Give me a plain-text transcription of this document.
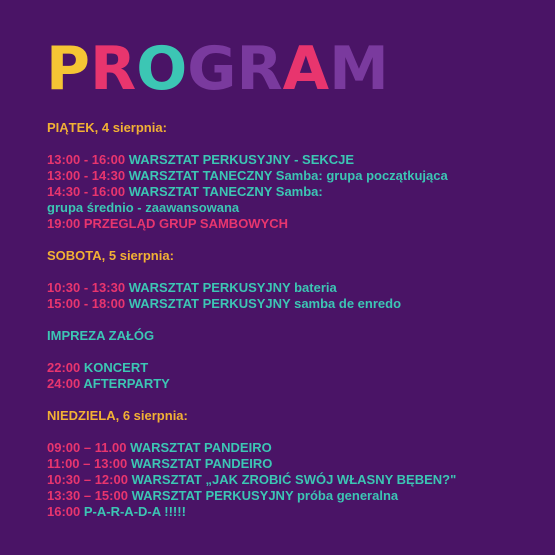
PROGRAM
PIĄTEK, 4 sierpnia:
13:00 - 16:00 WARSZTAT PERKUSYJNY - SEKCJE
13:00 - 14:30 WARSZTAT TANECZNY Samba: grupa początkująca
14:30 - 16:00 WARSZTAT TANECZNY Samba:
grupa średnio - zaawansowana
19:00 PRZEGLĄD GRUP SAMBOWYCH
SOBOTA, 5 sierpnia:
10:30 - 13:30 WARSZTAT PERKUSYJNY bateria
15:00 - 18:00 WARSZTAT PERKUSYJNY samba de enredo
IMPREZA ZAŁÓG
22:00 KONCERT
24:00 AFTERPARTY
NIEDZIELA, 6 sierpnia:
09:00 – 11.00 WARSZTAT PANDEIRO
11:00 – 13:00 WARSZTAT PANDEIRO
10:30 – 12:00 WARSZTAT „JAK ZROBIĆ SWÓJ WŁASNY BĘBEN?"
13:30 – 15:00 WARSZTAT PERKUSYJNY próba generalna
16:00 P-A-R-A-D-A !!!!!
